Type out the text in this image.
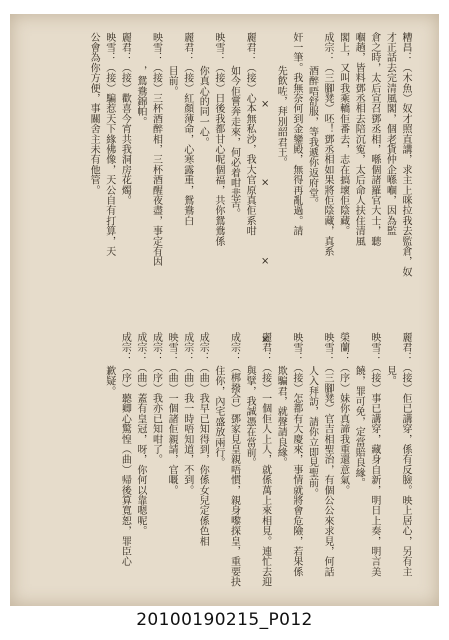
糟昌：（木魚）奴才照直講，求主上咪拉我去監倉，奴
才正話去完清風閣，個老貨仲企喺嗰，因為監
倉之時，太后宣召鄧丞相，喺個諸羅官大士，聽
嗰趟，皆料鄧丞相去陪沉寃，太后命人扶住清風
閣上，又叫我乘轎佢番去，志在搞壞佢陰藏。
成宗：（三腳凳）呸！鄧丞相如果將佢陰藏，真系
酒醉唔舒服，等我遞你返府堂。
奸一筆。我無奈何到金鑾殿，無得再亂過。請
先飲咗，拜別韶君王。
×      ×      ×      ×
麗君：（接）心本無私沙，我大官原真佢系咁
如今佢嘗奔走來，何必着咁悲苦。
映雪：（接）日後我都甘心呢個福，共你鴛鴦係
你真心的同一心。
麗君：（接）紅顏薄命，心寒露重，鴛鴦白
目前。
映雪：（接）三杯酒醉相，三杯酒醒夜盡，事定有因
，鴛鴦錦帕。
麗君：（接）歡喜今宵共我洞房花燭。
映雪：（接）騙惹天下緣佛像，天公自有打算，天
公會為你方便，事關舍主未有他管。
麗君：（接）佢已講穿，係有反臉。映上居心，另有主
見。
映雪：（接）事已講穿，藏身自新，明日上奏，明言美
饒，罪可免，定當賠良緣。
榮蘭：（序）妹你真諦我重還意氣。
映雪：（三腳凳）官吉相聖治，有個公公來求見，何話
人入拜訪，請你立即見聖前。
映雪：（接）怎都有大慶來，事情就將會危險，若果係
欺騙君，就聲請良緣。
麗君：（接）一個佢人上人，就係萬上來相見。連忙去迎
與擘，我誠憑在當前。
成宗：（梆撥合）鄧家見皇親唔慣，親身嚟探皇，重要抉
住你，內宅盛放兩行。
成宗：（曲）我早已知得到，你係女兒定係色相
成宗：（曲）我一時唔知道，不到。
映雪：（曲）一個諸佢親請，官嘅。
成宗：（序）我亦已知咁了。
成宗：（曲）蓋有皇冠，呀，你何以靠嗯呢。
成宗：（序）聽卿心驚惶（曲）帰後算寬恕，罪臣心
歉疑。
20100190215_P012
